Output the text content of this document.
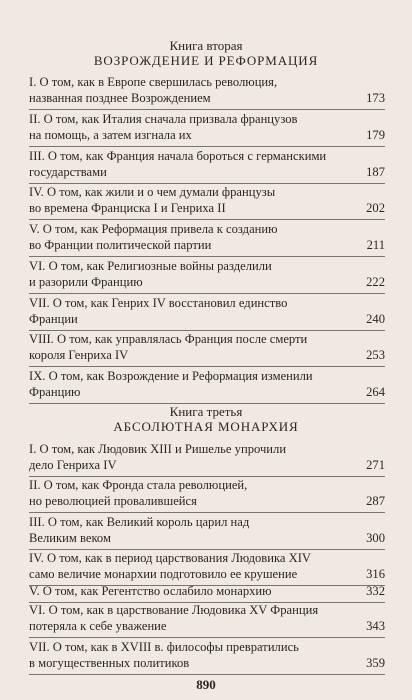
Книга вторая
ВОЗРОЖДЕНИЕ И РЕФОРМАЦИЯ
I. О том, как в Европе свершилась революция,
названная позднее Возрождением	173
II. О том, как Италия сначала призвала французов
на помощь, а затем изгнала их	179
III. О том, как Франция начала бороться с германскими
государствами	187
IV. О том, как жили и о чем думали французы
во времена Франциска I и Генриха II	202
V. О том, как Реформация привела к созданию
во Франции политической партии	211
VI. О том, как Религиозные войны разделили
и разорили Францию	222
VII. О том, как Генрих IV восстановил единство
Франции	240
VIII. О том, как управлялась Франция после смерти
короля Генриха IV	253
IX. О том, как Возрождение и Реформация изменили
Францию	264
Книга третья
АБСОЛЮТНАЯ МОНАРХИЯ
I. О том, как Людовик XIII и Ришелье упрочили
дело Генриха IV	271
II. О том, как Фронда стала революцией,
но революцией провалившейся	287
III. О том, как Великий король царил над
Великим веком	300
IV. О том, как в период царствования Людовика XIV
само величие монархии подготовило ее крушение	316
V. О том, как Регентство ослабило монархию	332
VI. О том, как в царствование Людовика XV Франция
потеряла к себе уважение	343
VII. О том, как в XVIII в. философы превратились
в могущественных политиков	359
890
